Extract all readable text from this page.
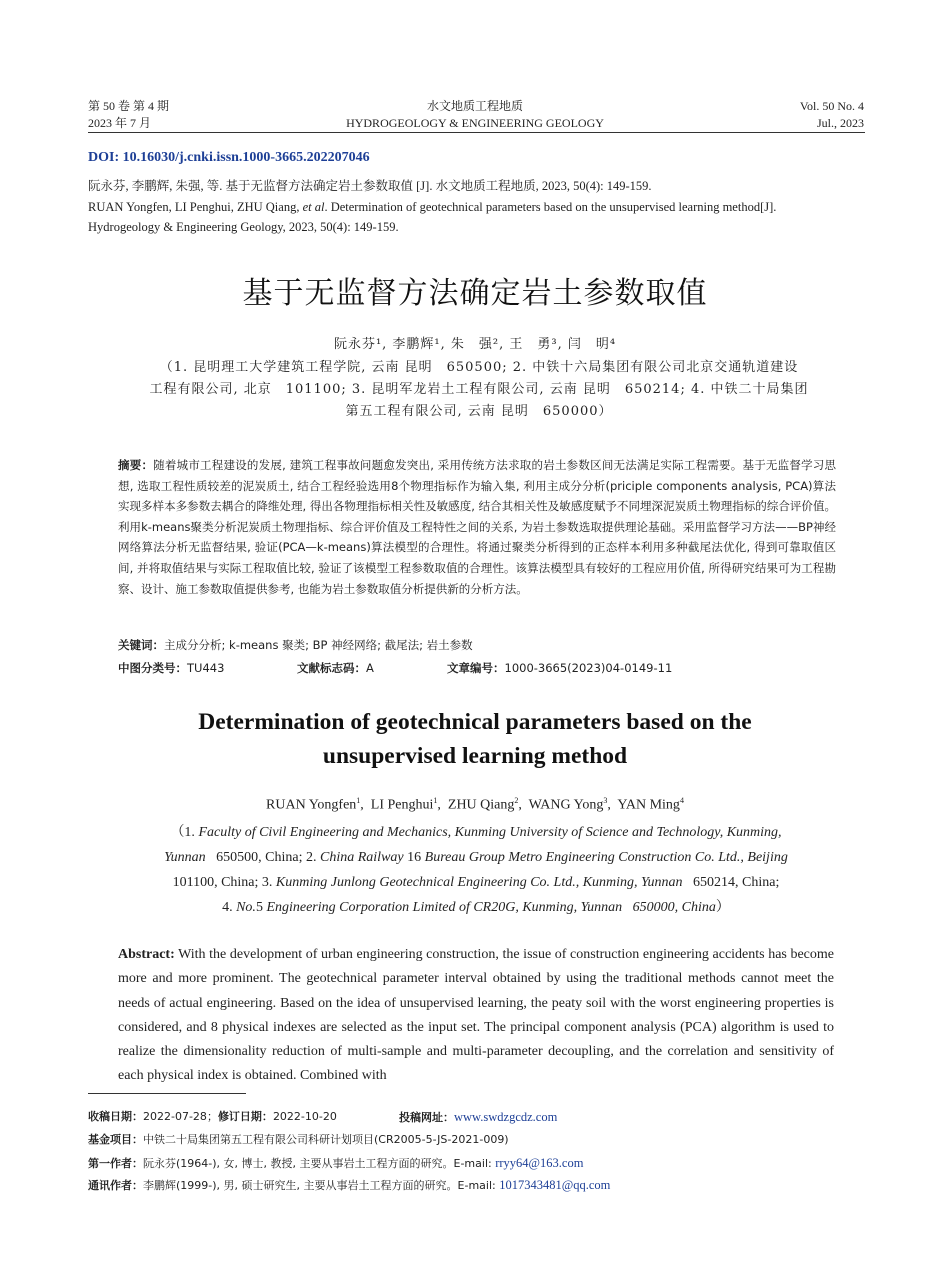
第 50 卷 第 4 期
2023 年 7 月
水文地质工程地质
HYDROGEOLOGY & ENGINEERING GEOLOGY
Vol. 50 No. 4
Jul., 2023
DOI: 10.16030/j.cnki.issn.1000-3665.202207046
阮永芬, 李鹏辉, 朱强, 等. 基于无监督方法确定岩土参数取值 [J]. 水文地质工程地质, 2023, 50(4): 149-159.
RUAN Yongfen, LI Penghui, ZHU Qiang, et al. Determination of geotechnical parameters based on the unsupervised learning method[J].
Hydrogeology & Engineering Geology, 2023, 50(4): 149-159.
基于无监督方法确定岩土参数取值
阮永芬¹, 李鹏辉¹, 朱　强², 王　勇³, 闫　明⁴
（1. 昆明理工大学建筑工程学院, 云南 昆明　650500; 2. 中铁十六局集团有限公司北京交通轨道建设
工程有限公司, 北京　101100; 3. 昆明军龙岩土工程有限公司, 云南 昆明　650214; 4. 中铁二十局集团
第五工程有限公司, 云南 昆明　650000）
摘要：随着城市工程建设的发展, 建筑工程事故问题愈发突出, 采用传统方法求取的岩土参数区间无法满足实际工程需要。基于无监督学习思想, 选取工程性质较差的泥炭质土, 结合工程经验选用8个物理指标作为输入集, 利用主成分分析(priciple components analysis, PCA)算法实现多样本多参数去耦合的降维处理, 得出各物理指标相关性及敏感度, 结合其相关性及敏感度赋予不同埋深泥炭质土物理指标的综合评价值。利用k-means聚类分析泥炭质土物理指标、综合评价值及工程特性之间的关系, 为岩土参数选取提供理论基础。采用监督学习方法——BP神经网络算法分析无监督结果, 验证(PCA—k-means)算法模型的合理性。将通过聚类分析得到的正态样本利用多种截尾法优化, 得到可靠取值区间, 并将取值结果与实际工程取值比较, 验证了该模型工程参数取值的合理性。该算法模型具有较好的工程应用价值, 所得研究结果可为工程勘察、设计、施工参数取值提供参考, 也能为岩土参数取值分析提供新的分析方法。
关键词：主成分分析; k-means 聚类; BP 神经网络; 截尾法; 岩土参数
中图分类号：TU443	文献标志码：A	文章编号：1000-3665(2023)04-0149-11
Determination of geotechnical parameters based on the
unsupervised learning method
RUAN Yongfen$^1$,  LI Penghui$^1$,  ZHU Qiang$^2$,  WANG Yong$^3$,  YAN Ming$^4$
（1. Faculty of Civil Engineering and Mechanics, Kunming University of Science and Technology, Kunming,
Yunnan 650500, China; 2. China Railway 16 Bureau Group Metro Engineering Construction Co. Ltd., Beijing
101100, China; 3. Kunming Junlong Geotechnical Engineering Co. Ltd., Kunming, Yunnan 650214, China;
4. No.5 Engineering Corporation Limited of CR20G, Kunming, Yunnan 650000, China）
Abstract: With the development of urban engineering construction, the issue of construction engineering accidents has become more and more prominent. The geotechnical parameter interval obtained by using the traditional methods cannot meet the needs of actual engineering. Based on the idea of unsupervised learning, the peaty soil with the worst engineering properties is considered, and 8 physical indexes are selected as the input set. The principal component analysis (PCA) algorithm is used to realize the dimensionality reduction of multi-sample and multi-parameter decoupling, and the correlation and sensitivity of each physical index is obtained. Combined with
收稿日期：2022-07-28；修订日期：2022-10-20	投稿网址：www.swdzgcdz.com
基金项目：中铁二十局集团第五工程有限公司科研计划项目(CR2005-5-JS-2021-009)
第一作者：阮永芬(1964-), 女, 博士, 教授, 主要从事岩土工程方面的研究。E-mail: rryy64@163.com
通讯作者：李鹏辉(1999-), 男, 硕士研究生, 主要从事岩土工程方面的研究。E-mail: 1017343481@qq.com
